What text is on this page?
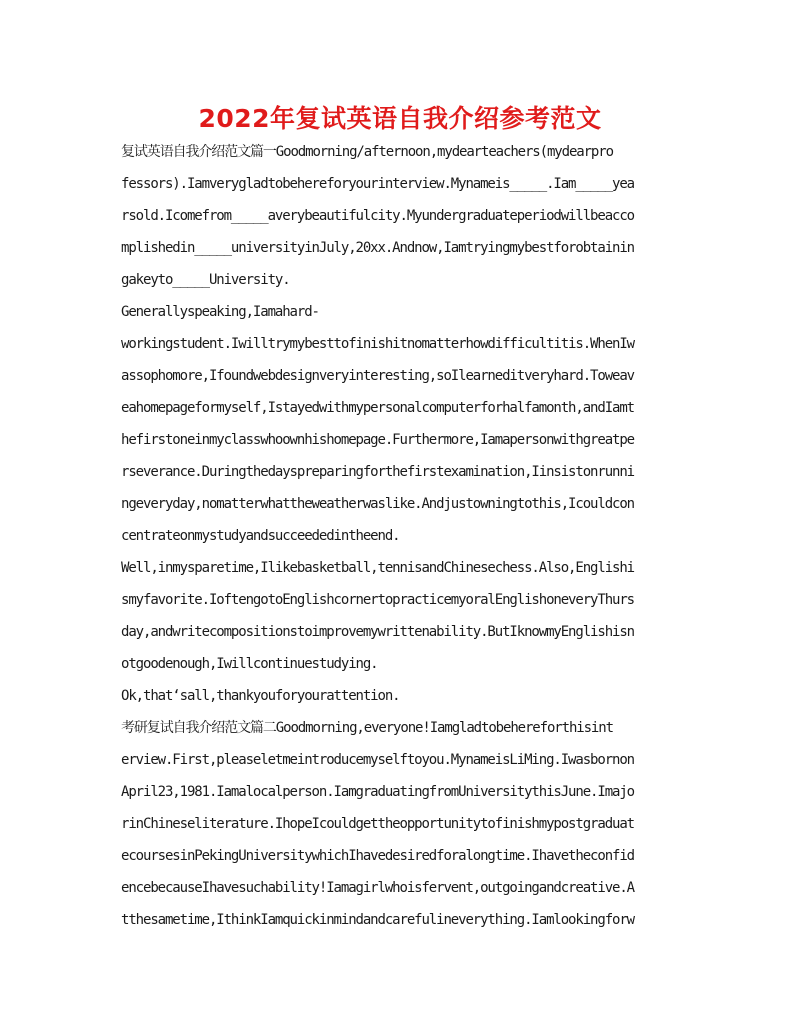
2022年复试英语自我介绍参考范文
复试英语自我介绍范文篇一Goodmorning/afternoon,mydearteachers(mydearpro
fessors).Iamverygladtobehereforyourinterview.Mynameis_____.Iam_____yea
rsold.Icomefrom_____averybeautifulcity.Myundergraduateperiodwillbeacco
mplishedin_____universityinJuly,20xx.Andnow,Iamtryingmybestforobtainin
gakeyto_____University.
Generallyspeaking,Iamahard-
workingstudent.Iwilltrymybesttofinishitnomatterhowdifficultitis.WhenIw
assophomore,Ifoundwebdesignveryinteresting,soIlearneditveryhard.Toweav
eahomepageformyself,Istayedwithmypersonalcomputerforhalfamonth,andIamt
hefirstoneinmyclasswhoownhishomepage.Furthermore,Iamapersonwithgreatpe
rseverance.Duringthedayspreparingforthefirstexamination,Iinsistonrunni
ngeveryday,nomatterwhattheweatherwaslike.Andjustowningtothis,Icouldcon
centrateonmystudyandsucceededintheend.
Well,inmysparetime,Ilikebasketball,tennisandChinesechess.Also,Englishi
smyfavorite.IoftengotoEnglishcornertopracticemyoralEnglishoneveryThurs
day,andwritecompositionstoimprovemywrittenability.ButIknowmyEnglishisn
otgoodenough,Iwillcontinuestudying.
Ok,that‘sall,thankyouforyourattention.
考研复试自我介绍范文篇二Goodmorning,everyone!Iamgladtobehereforthisint
erview.First,pleaseletmeintroducemyselftoyou.MynameisLiMing.Iwasbornon
April23,1981.Iamalocalperson.IamgraduatingfromUniversitythisJune.Imajo
rinChineseliterature.IhopeIcouldgettheopportunitytofinishmypostgraduat
ecoursesinPekingUniversitywhichIhavedesiredforalongtime.Ihavetheconfid
encebecauseIhavesuchability!Iamagirlwhoisfervent,outgoingandcreative.A
tthesametime,IthinkIamquickinmindandcarefulineverything.Iamlookingforw
